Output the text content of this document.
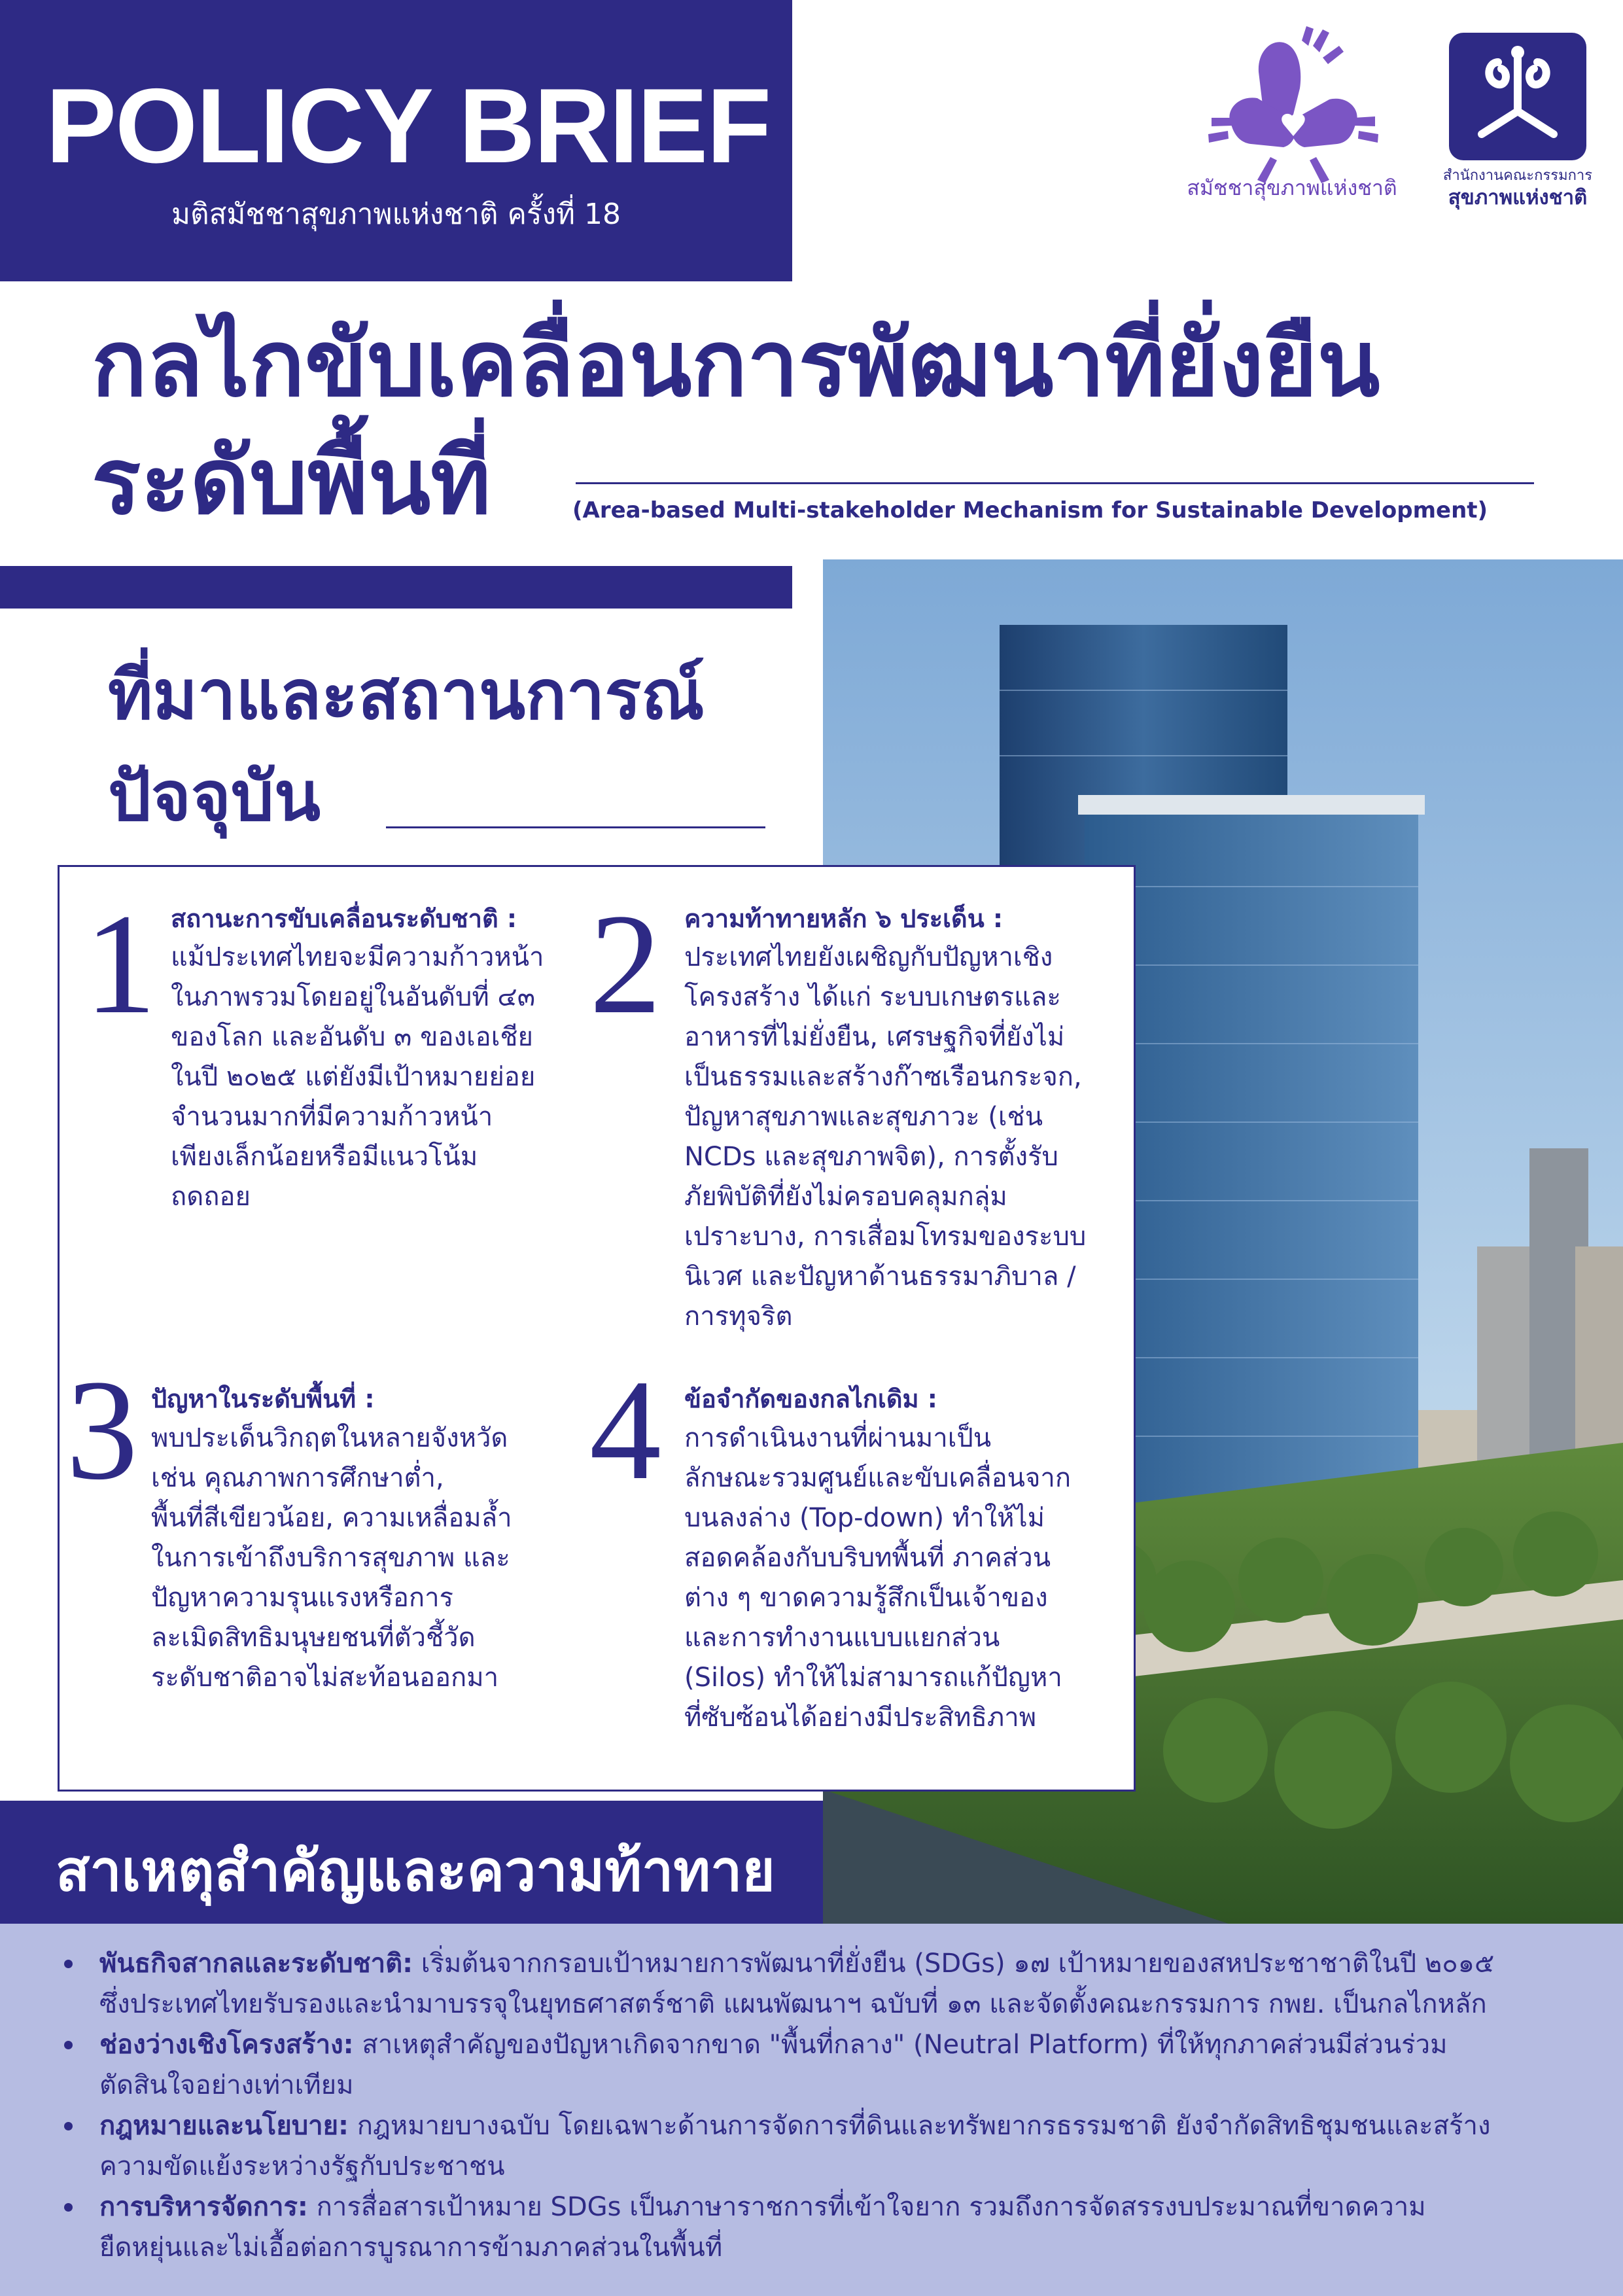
POLICY BRIEF
มติสมัชชาสุขภาพแห่งชาติ ครั้งที่ 18
สมัชชาสุขภาพแห่งชาติ	สำนักงานคณะกรรมการ
สุขภาพแห่งชาติ
กลไกขับเคลื่อนการพัฒนาที่ยั่งยืน
ระดับพื้นที่	(Area-based Multi-stakeholder Mechanism for Sustainable Development)
ที่มาและสถานการณ์
ปัจจุบัน
1 สถานะการขับเคลื่อนระดับชาติ :
แม้ประเทศไทยจะมีความก้าวหน้า
ในภาพรวมโดยอยู่ในอันดับที่ ๔๓
ของโลก และอันดับ ๓ ของเอเชีย
ในปี ๒๐๒๕ แต่ยังมีเป้าหมายย่อย
จำนวนมากที่มีความก้าวหน้า
เพียงเล็กน้อยหรือมีแนวโน้ม
ถดถอย
2 ความท้าทายหลัก ๖ ประเด็น :
ประเทศไทยยังเผชิญกับปัญหาเชิง
โครงสร้าง ได้แก่ ระบบเกษตรและ
อาหารที่ไม่ยั่งยืน, เศรษฐกิจที่ยังไม่
เป็นธรรมและสร้างก๊าซเรือนกระจก,
ปัญหาสุขภาพและสุขภาวะ (เช่น
NCDs และสุขภาพจิต), การตั้งรับ
ภัยพิบัติที่ยังไม่ครอบคลุมกลุ่ม
เปราะบาง, การเสื่อมโทรมของระบบ
นิเวศ และปัญหาด้านธรรมาภิบาล /
การทุจริต
3 ปัญหาในระดับพื้นที่ :
พบประเด็นวิกฤตในหลายจังหวัด
เช่น คุณภาพการศึกษาต่ำ,
พื้นที่สีเขียวน้อย, ความเหลื่อมล้ำ
ในการเข้าถึงบริการสุขภาพ และ
ปัญหาความรุนแรงหรือการ
ละเมิดสิทธิมนุษยชนที่ตัวชี้วัด
ระดับชาติอาจไม่สะท้อนออกมา
4 ข้อจำกัดของกลไกเดิม :
การดำเนินงานที่ผ่านมาเป็น
ลักษณะรวมศูนย์และขับเคลื่อนจาก
บนลงล่าง (Top-down) ทำให้ไม่
สอดคล้องกับบริบทพื้นที่ ภาคส่วน
ต่าง ๆ ขาดความรู้สึกเป็นเจ้าของ
และการทำงานแบบแยกส่วน
(Silos) ทำให้ไม่สามารถแก้ปัญหา
ที่ซับซ้อนได้อย่างมีประสิทธิภาพ
สาเหตุสำคัญและความท้าทาย
พันธกิจสากลและระดับชาติ: เริ่มต้นจากกรอบเป้าหมายการพัฒนาที่ยั่งยืน (SDGs) ๑๗ เป้าหมายของสหประชาชาติในปี ๒๐๑๕
ซึ่งประเทศไทยรับรองและนำมาบรรจุในยุทธศาสตร์ชาติ แผนพัฒนาฯ ฉบับที่ ๑๓ และจัดตั้งคณะกรรมการ กพย. เป็นกลไกหลัก
ช่องว่างเชิงโครงสร้าง: สาเหตุสำคัญของปัญหาเกิดจากขาด "พื้นที่กลาง" (Neutral Platform) ที่ให้ทุกภาคส่วนมีส่วนร่วม
ตัดสินใจอย่างเท่าเทียม
กฎหมายและนโยบาย: กฎหมายบางฉบับ โดยเฉพาะด้านการจัดการที่ดินและทรัพยากรธรรมชาติ ยังจำกัดสิทธิชุมชนและสร้าง
ความขัดแย้งระหว่างรัฐกับประชาชน
การบริหารจัดการ: การสื่อสารเป้าหมาย SDGs เป็นภาษาราชการที่เข้าใจยาก รวมถึงการจัดสรรงบประมาณที่ขาดความ
ยืดหยุ่นและไม่เอื้อต่อการบูรณาการข้ามภาคส่วนในพื้นที่
